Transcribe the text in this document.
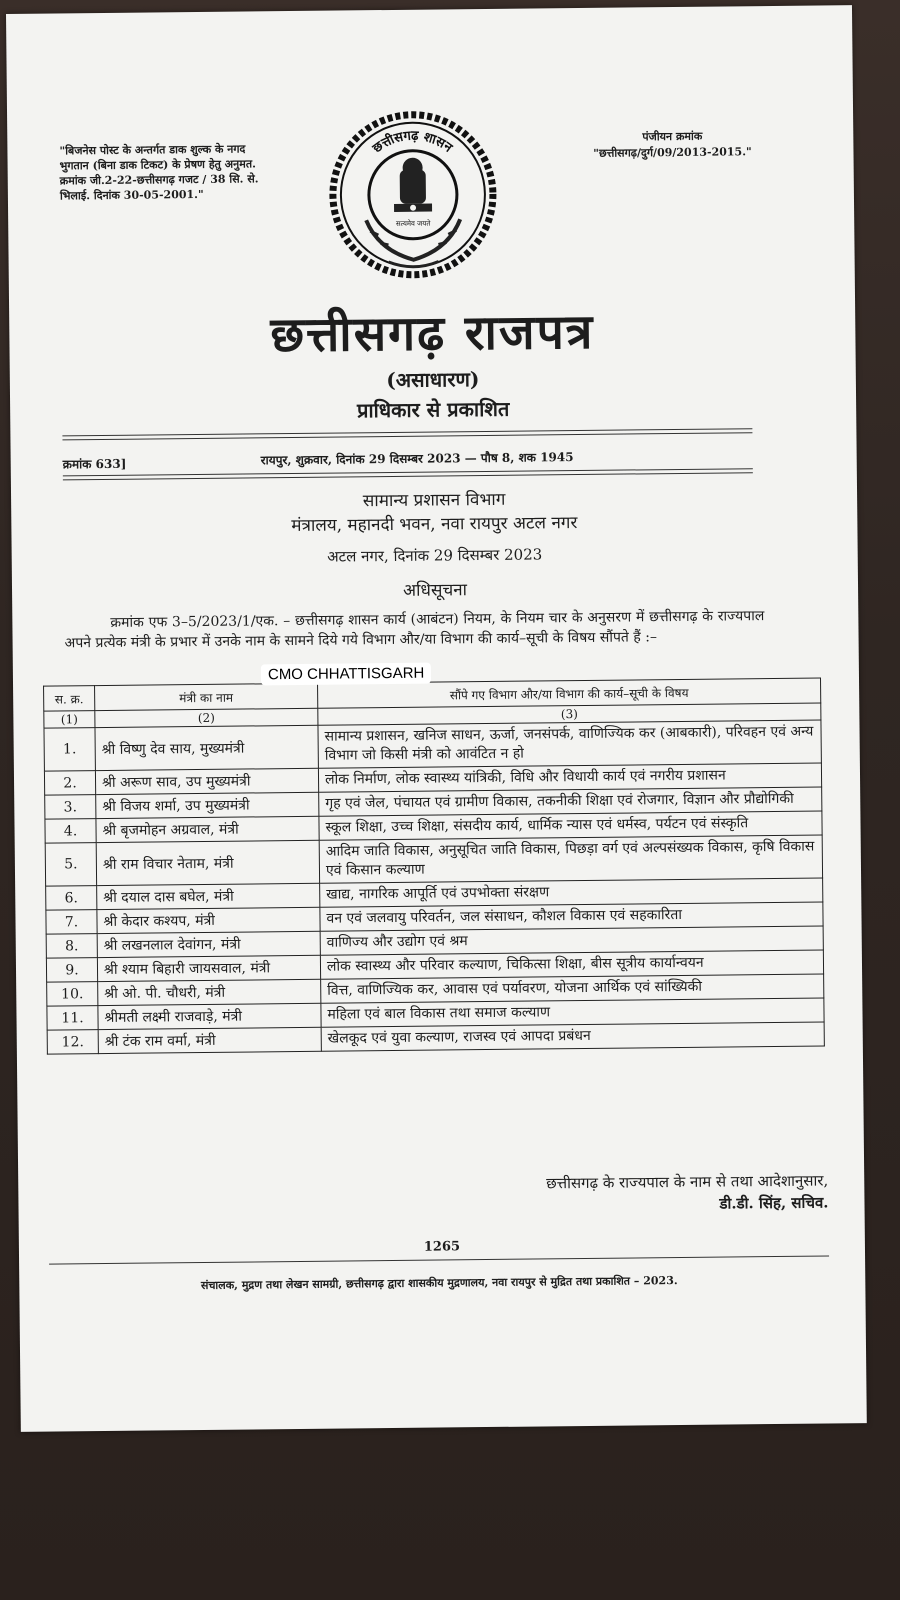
"बिजनेस पोस्ट के अन्तर्गत डाक शुल्क के नगद भुगतान (बिना डाक टिकट) के प्रेषण हेतु अनुमत. क्रमांक जी.2-22-छत्तीसगढ़ गजट / 38 सि. से. भिलाई. दिनांक 30-05-2001."
पंजीयन क्रमांक
"छत्तीसगढ़/दुर्ग/09/2013-2015."
छत्तीसगढ़ शासन
सत्यमेव जयते
छत्तीसगढ़ राजपत्र
(असाधारण)
प्राधिकार से प्रकाशित
क्रमांक 633]	रायपुर, शुक्रवार, दिनांक 29 दिसम्बर 2023 — पौष 8, शक 1945
सामान्य प्रशासन विभाग
मंत्रालय, महानदी भवन, नवा रायपुर अटल नगर
अटल नगर, दिनांक 29 दिसम्बर 2023
अधिसूचना
क्रमांक एफ 3–5/2023/1/एक. – छत्तीसगढ़ शासन कार्य (आबंटन) नियम, के नियम चार के अनुसरण में छत्तीसगढ़ के राज्यपाल अपने प्रत्येक मंत्री के प्रभार में उनके नाम के सामने दिये गये विभाग और/या विभाग की कार्य–सूची के विषय सौंपते हैं :–
CMO CHHATTISGARH
स. क्र.	मंत्री का नाम	सौंपे गए विभाग और/या विभाग की कार्य–सूची के विषय
(1)	(2)	(3)
1.	श्री विष्णु देव साय, मुख्यमंत्री	सामान्य प्रशासन, खनिज साधन, ऊर्जा, जनसंपर्क, वाणिज्यिक कर (आबकारी), परिवहन एवं अन्य विभाग जो किसी मंत्री को आवंटित न हो
2.	श्री अरूण साव, उप मुख्यमंत्री	लोक निर्माण, लोक स्वास्थ्य यांत्रिकी, विधि और विधायी कार्य एवं नगरीय प्रशासन
3.	श्री विजय शर्मा, उप मुख्यमंत्री	गृह एवं जेल, पंचायत एवं ग्रामीण विकास, तकनीकी शिक्षा एवं रोजगार, विज्ञान और प्रौद्योगिकी
4.	श्री बृजमोहन अग्रवाल, मंत्री	स्कूल शिक्षा, उच्च शिक्षा, संसदीय कार्य, धार्मिक न्यास एवं धर्मस्व, पर्यटन एवं संस्कृति
5.	श्री राम विचार नेताम, मंत्री	आदिम जाति विकास, अनुसूचित जाति विकास, पिछड़ा वर्ग एवं अल्पसंख्यक विकास, कृषि विकास एवं किसान कल्याण
6.	श्री दयाल दास बघेल, मंत्री	खाद्य, नागरिक आपूर्ति एवं उपभोक्ता संरक्षण
7.	श्री केदार कश्यप, मंत्री	वन एवं जलवायु परिवर्तन, जल संसाधन, कौशल विकास एवं सहकारिता
8.	श्री लखनलाल देवांगन, मंत्री	वाणिज्य और उद्योग एवं श्रम
9.	श्री श्याम बिहारी जायसवाल, मंत्री	लोक स्वास्थ्य और परिवार कल्याण, चिकित्सा शिक्षा, बीस सूत्रीय कार्यान्वयन
10.	श्री ओ. पी. चौधरी, मंत्री	वित्त, वाणिज्यिक कर, आवास एवं पर्यावरण, योजना आर्थिक एवं सांख्यिकी
11.	श्रीमती लक्ष्मी राजवाड़े, मंत्री	महिला एवं बाल विकास तथा समाज कल्याण
12.	श्री टंक राम वर्मा, मंत्री	खेलकूद एवं युवा कल्याण, राजस्व एवं आपदा प्रबंधन
छत्तीसगढ़ के राज्यपाल के नाम से तथा आदेशानुसार,
डी.डी. सिंह, सचिव.
1265
संचालक, मुद्रण तथा लेखन सामग्री, छत्तीसगढ़ द्वारा शासकीय मुद्रणालय, नवा रायपुर से मुद्रित तथा प्रकाशित – 2023.
